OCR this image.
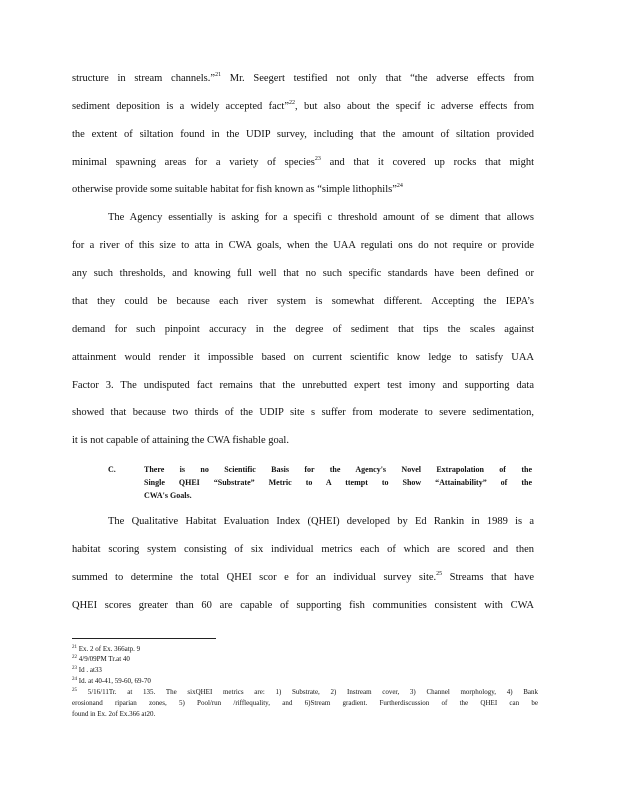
structure in stream channels.”$^{21}$ Mr. Seegert testified not only that “the adverse effects from
sediment deposition is a widely accepted fact”$^{22}$, but also about the specif ic adverse effects from
the extent of siltation found in the UDIP survey, including that the amount of siltation provided
minimal spawning areas for a variety of species$^{23}$ and that it covered up rocks that might
otherwise provide some suitable habitat for fish known as “simple lithophils”$^{24}$
The Agency essentially is asking for a specifi c threshold amount of se diment that allows
for a river of this size to atta in CWA goals, when the UAA regulati ons do not require or provide
any such thresholds, and knowing full well that no such specific standards have been defined or
that they could be because each river system is somewhat different. Accepting the IEPA’s
demand for such pinpoint accuracy in the degree of sediment that tips the scales against
attainment would render it impossible based on current scientific know ledge to satisfy UAA
Factor 3. The undisputed fact remains that the unrebutted expert test imony and supporting data
showed that because two thirds of the UDIP site s suffer from moderate to severe sedimentation,
it is not capable of attaining the CWA fishable goal.
C.	There is no Scientific Basis for the Agency's Novel Extrapolation of the
Single QHEI “Substrate” Metric to A ttempt to Show “Attainability” of the
CWA's Goals.
The Qualitative Habitat Evaluation Index (QHEI) developed by Ed Rankin in 1989 is a
habitat scoring system consisting of six individual metrics each of which are scored and then
summed to determine the total QHEI scor e for an individual survey site.$^{25}$ Streams that have
QHEI scores greater than 60 are capable of supporting fish communities consistent with CWA
$^{21}$ Ex. 2 of Ex. 366atp. 9
$^{22}$ 4/9/09PM Tr.at 40
$^{23}$ Id . at33
$^{24}$ Id. at 40-41, 59-60, 69-70
$^{25}$ 5/16/11Tr. at 135. The sixQHEI metrics are: 1) Substrate, 2) Instream cover, 3) Channel morphology, 4) Bank
erosionand riparian zones, 5) Pool/run /rifflequality, and 6)Stream gradient. Furtherdiscussion of the QHEI can be
found in Ex. 2of Ex.366 at20.
